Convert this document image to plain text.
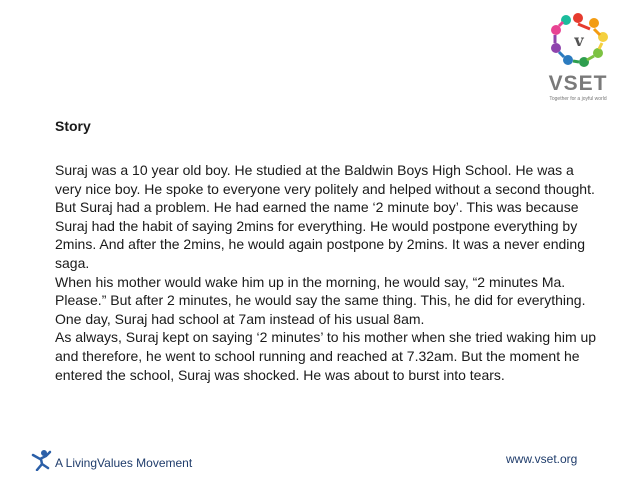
v
VSET
Together for a joyful world
Story

Suraj was a 10 year old boy. He studied at the Baldwin Boys High School. He was a very nice boy. He spoke to everyone very politely and helped without a second thought. But Suraj had a problem. He had earned the name ‘2 minute boy’. This was because Suraj had the habit of saying 2mins for everything. He would postpone everything by 2mins. And after the 2mins, he would again postpone by 2mins. It was a never ending saga.

When his mother would wake him up in the morning, he would say, “2 minutes Ma. Please.” But after 2 minutes, he would say the same thing. This, he did for everything.

One day, Suraj had school at 7am instead of his usual 8am.

As always, Suraj kept on saying ‘2 minutes’ to his mother when she tried waking him up and therefore, he went to school running and reached at 7.32am. But the moment he entered the school, Suraj was shocked. He was about to burst into tears.

A LivingValues Movement	www.vset.org
